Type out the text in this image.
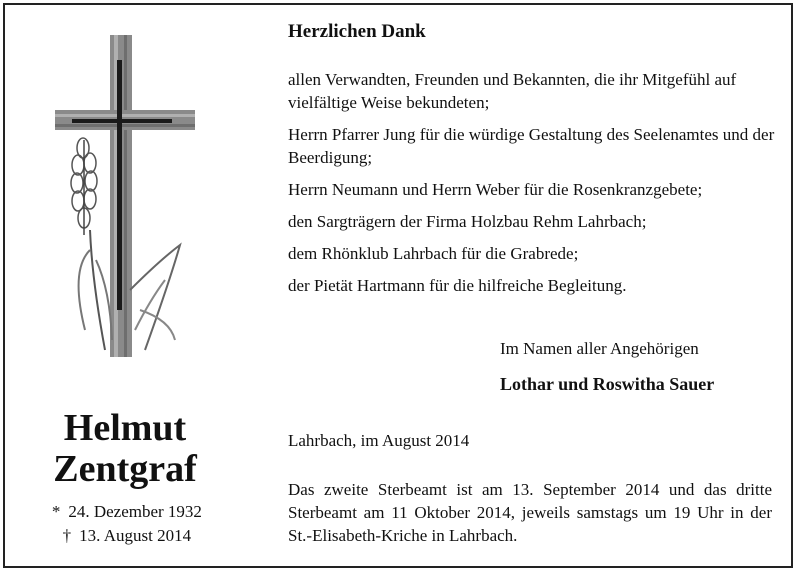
Helmut
Zentgraf
* 24. Dezember 1932
† 13. August 2014
Herzlichen Dank

allen Verwandten, Freunden und Bekannten, die ihr Mitgefühl auf vielfältige Weise bekundeten;

Herrn Pfarrer Jung für die würdige Gestaltung des Seelenamtes und der Beerdigung;

Herrn Neumann und Herrn Weber für die Rosenkranzgebete;

den Sargträgern der Firma Holzbau Rehm Lahrbach;

dem Rhönklub Lahrbach für die Grabrede;

der Pietät Hartmann für die hilfreiche Begleitung.

Im Namen aller Angehörigen
Lothar und Roswitha Sauer
Lahrbach, im August 2014
Das zweite Sterbeamt ist am 13. September 2014 und das dritte Sterbeamt am 11 Oktober 2014, jeweils samstags um 19 Uhr in der St.-Elisabeth-Kriche in Lahrbach.
